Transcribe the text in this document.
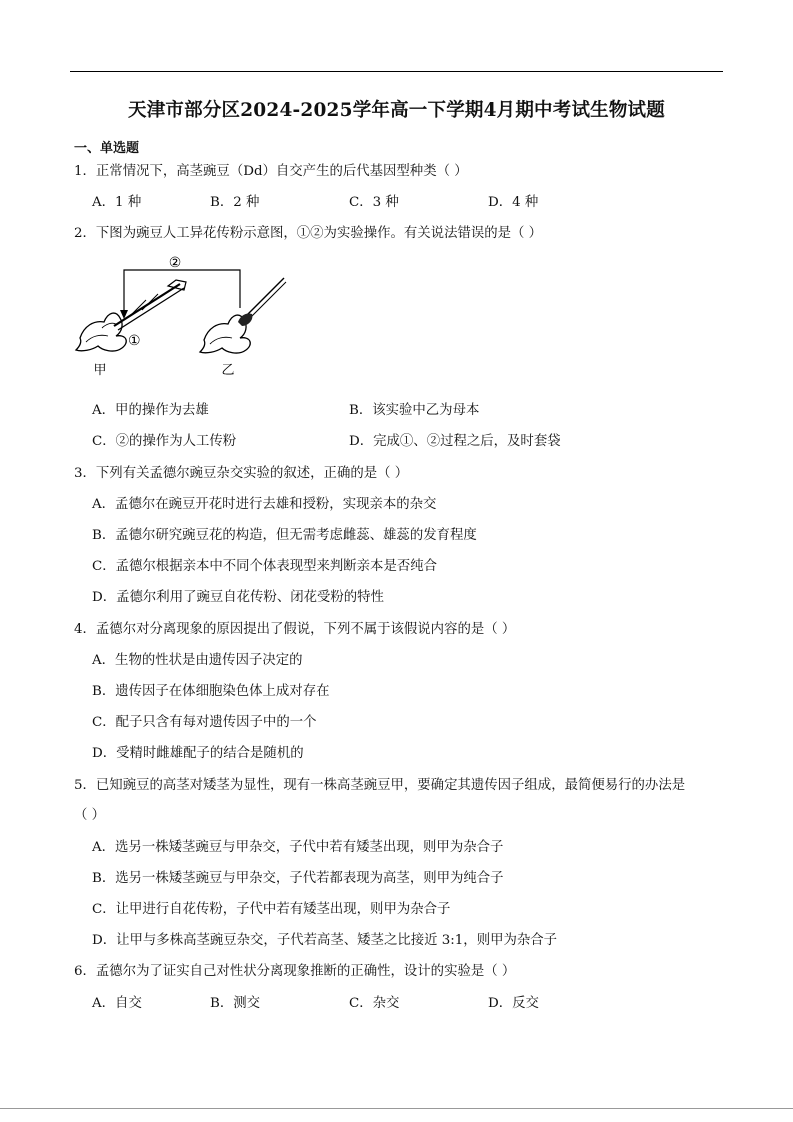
天津市部分区2024-2025学年高一下学期4月期中考试生物试题
一、单选题
1．正常情况下，高茎豌豆（Dd）自交产生的后代基因型种类（ ）
A．1 种	B．2 种	C．3 种	D．4 种
2．下图为豌豆人工异花传粉示意图，①②为实验操作。有关说法错误的是（ ）
②
①
甲	乙
A．甲的操作为去雄	B．该实验中乙为母本
C．②的操作为人工传粉	D．完成①、②过程之后，及时套袋
3．下列有关孟德尔豌豆杂交实验的叙述，正确的是（ ）
A．孟德尔在豌豆开花时进行去雄和授粉，实现亲本的杂交
B．孟德尔研究豌豆花的构造，但无需考虑雌蕊、雄蕊的发育程度
C．孟德尔根据亲本中不同个体表现型来判断亲本是否纯合
D．孟德尔利用了豌豆自花传粉、闭花受粉的特性
4．孟德尔对分离现象的原因提出了假说，下列不属于该假说内容的是（ ）
A．生物的性状是由遗传因子决定的
B．遗传因子在体细胞染色体上成对存在
C．配子只含有每对遗传因子中的一个
D．受精时雌雄配子的结合是随机的
5．已知豌豆的高茎对矮茎为显性，现有一株高茎豌豆甲，要确定其遗传因子组成，最简便易行的办法是
（ ）
A．选另一株矮茎豌豆与甲杂交，子代中若有矮茎出现，则甲为杂合子
B．选另一株矮茎豌豆与甲杂交，子代若都表现为高茎，则甲为纯合子
C．让甲进行自花传粉，子代中若有矮茎出现，则甲为杂合子
D．让甲与多株高茎豌豆杂交，子代若高茎、矮茎之比接近 3:1，则甲为杂合子
6．孟德尔为了证实自己对性状分离现象推断的正确性，设计的实验是（ ）
A．自交	B．测交	C．杂交	D．反交
